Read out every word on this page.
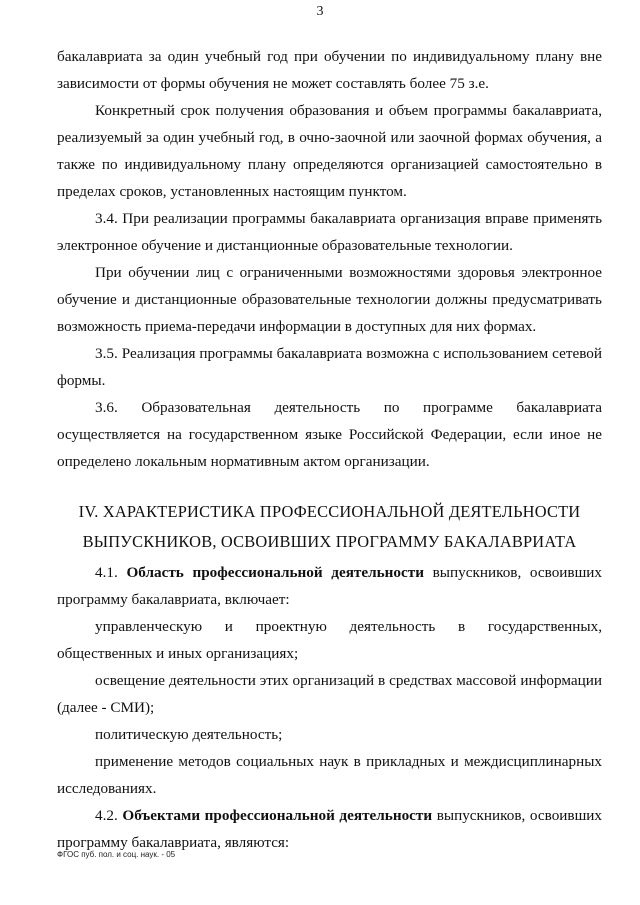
3

бакалавриата за один учебный год при обучении по индивидуальному плану вне зависимости от формы обучения не может составлять более 75 з.е.

Конкретный срок получения образования и объем программы бакалавриата, реализуемый за один учебный год, в очно-заочной или заочной формах обучения, а также по индивидуальному плану определяются организацией самостоятельно в пределах сроков, установленных настоящим пунктом.

3.4. При реализации программы бакалавриата организация вправе применять электронное обучение и дистанционные образовательные технологии.

При обучении лиц с ограниченными возможностями здоровья электронное обучение и дистанционные образовательные технологии должны предусматривать возможность приема-передачи информации в доступных для них формах.

3.5. Реализация программы бакалавриата возможна с использованием сетевой формы.

3.6. Образовательная деятельность по программе бакалавриата осуществляется на государственном языке Российской Федерации, если иное не определено локальным нормативным актом организации.

IV. ХАРАКТЕРИСТИКА ПРОФЕССИОНАЛЬНОЙ ДЕЯТЕЛЬНОСТИ

ВЫПУСКНИКОВ, ОСВОИВШИХ ПРОГРАММУ БАКАЛАВРИАТА

4.1. Область профессиональной деятельности выпускников, освоивших программу бакалавриата, включает:

управленческую и проектную деятельность в государственных, общественных и иных организациях;

освещение деятельности этих организаций в средствах массовой информации (далее - СМИ);

политическую деятельность;

применение методов социальных наук в прикладных и междисциплинарных исследованиях.

4.2. Объектами профессиональной деятельности выпускников, освоивших программу бакалавриата, являются:

ФГОС пуб. пол. и соц. наук. - 05
